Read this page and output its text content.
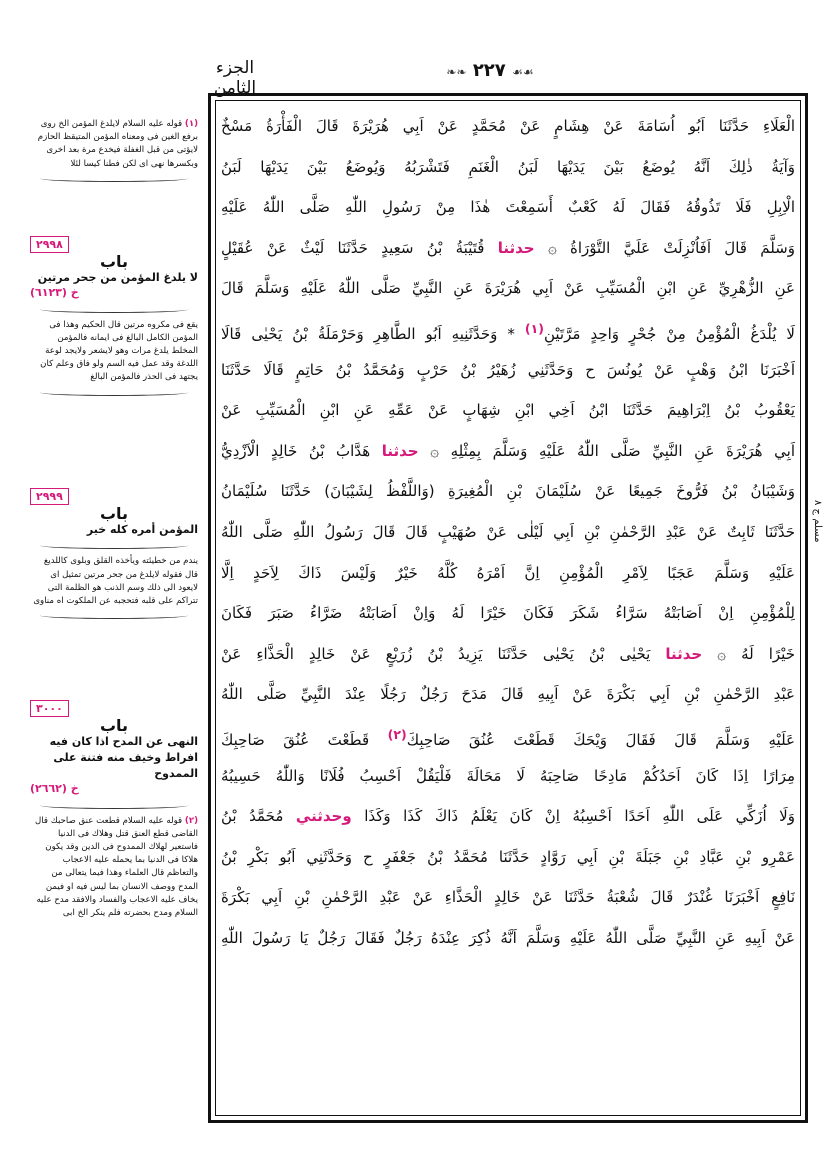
الجزء الثامن
❧❧ ٢٢٧ ☙☙

(١) قوله عليه السلام لايلدغ المؤمن الخ روى برفع الغين فى ومعناه المؤمن المتيقظ الحازم لايؤتى من قبل الغفلة فيخدع مرة بعد اخرى وبكسرها نهى اى لكن فطنا كيسا لئلا

٢٩٩٨
باب
لا يلدغ المؤمن من جحر مرتين
خ (٦١٢٣)

يقع فى مكروه مرتين قال الحكيم وهذا فى المؤمن الكامل البالغ فى ايمانه فالمؤمن المخلط يلدغ مرات وهو لايشعر ولايجد لوعة اللدغة وقد عمل فيه السم ولو فاق وعلم كان يجتهد فى الحذر فالمؤمن البالغ

٢٩٩٩
باب
المؤمن أمره كله خير

يندم من خطيئته ويأخذه القلق وبلوى كاللديغ قال فقوله لايلدغ من جحر مرتين تمثيل اى لايعود الى ذلك وسم الذنب هو الظلمة التى تتراكم على قلبه فتحجبه عن الملكوت اه مناوى

٣٠٠٠
باب
النهى عن المدح اذا كان فيه افراط وخيف منه فتنة على الممدوح
خ (٢٦٦٢)

(٢) قوله عليه السلام قطعت عنق صاحبك قال القاضى قطع العنق قتل وهلاك فى الدنيا فاستعير لهلاك الممدوح فى الدين وقد يكون هلاكا فى الدنيا بما يحمله عليه الاعجاب والتعاظم قال العلماء وهذا فيما يتعالى من المدح ووصف الانسان بما ليس فيه او فيمن يخاف عليه الاعجاب والفساد والافقد مدح عليه السلام ومدح بحضرته فلم ينكر الخ ابى

الْعَلَاءِ حَدَّثَنَا اَبُو اُسَامَةَ عَنْ هِشَامٍ عَنْ مُحَمَّدٍ عَنْ اَبِي هُرَيْرَةَ قَالَ الْفَأْرَةُ مَسْخٌ
وَآيَةُ ذٰلِكَ اَنَّهُ يُوضَعُ بَيْنَ يَدَيْهَا لَبَنُ الْغَنَمِ فَتَشْرَبُهُ وَيُوضَعُ بَيْنَ يَدَيْهَا لَبَنُ
الْاِبِلِ فَلَا تَذُوقُهُ فَقَالَ لَهُ كَعْبٌ أَسَمِعْتَ هٰذَا مِنْ رَسُولِ اللّٰهِ صَلَّى اللّٰهُ عَلَيْهِ
وَسَلَّمَ قَالَ اَفَاُنْزِلَتْ عَلَيَّ التَّوْرَاةُ ۞ حدثنا قُتَيْبَةُ بْنُ سَعِيدٍ حَدَّثَنَا لَيْثٌ عَنْ عُقَيْلٍ
عَنِ الزُّهْرِيِّ عَنِ ابْنِ الْمُسَيِّبِ عَنْ اَبِي هُرَيْرَةَ عَنِ النَّبِيِّ صَلَّى اللّٰهُ عَلَيْهِ وَسَلَّمَ قَالَ
لَا يُلْدَغُ الْمُؤْمِنُ مِنْ جُحْرٍ وَاحِدٍ مَرَّتَيْنِ$^{(١)}$ * وَحَدَّثَنِيهِ اَبُو الطَّاهِرِ وَحَرْمَلَةُ بْنُ يَحْيٰى قَالَا
اَخْبَرَنَا ابْنُ وَهْبٍ عَنْ يُونُسَ ح وَحَدَّثَنِي زُهَيْرُ بْنُ حَرْبٍ وَمُحَمَّدُ بْنُ حَاتِمٍ قَالَا حَدَّثَنَا
يَعْقُوبُ بْنُ اِبْرَاهِيمَ حَدَّثَنَا ابْنُ اَخِي ابْنِ شِهَابٍ عَنْ عَمِّهِ عَنِ ابْنِ الْمُسَيِّبِ عَنْ
اَبِي هُرَيْرَةَ عَنِ النَّبِيِّ صَلَّى اللّٰهُ عَلَيْهِ وَسَلَّمَ بِمِثْلِهِ ۞ حدثنا هَدَّابُ بْنُ خَالِدٍ الْاَزْدِيُّ
وَشَيْبَانُ بْنُ فَرُّوخَ جَمِيعًا عَنْ سُلَيْمَانَ بْنِ الْمُغِيرَةِ (وَاللَّفْظُ لِشَيْبَانَ) حَدَّثَنَا سُلَيْمَانُ
حَدَّثَنَا ثَابِتٌ عَنْ عَبْدِ الرَّحْمٰنِ بْنِ اَبِي لَيْلٰى عَنْ صُهَيْبٍ قَالَ قَالَ رَسُولُ اللّٰهِ صَلَّى اللّٰهُ
عَلَيْهِ وَسَلَّمَ عَجَبًا لِاَمْرِ الْمُؤْمِنِ اِنَّ اَمْرَهُ كُلَّهُ خَيْرٌ وَلَيْسَ ذَاكَ لِاَحَدٍ اِلَّا
لِلْمُؤْمِنِ اِنْ اَصَابَتْهُ سَرَّاءُ شَكَرَ فَكَانَ خَيْرًا لَهُ وَاِنْ اَصَابَتْهُ ضَرَّاءُ صَبَرَ فَكَانَ
خَيْرًا لَهُ ۞ حدثنا يَحْيٰى بْنُ يَحْيٰى حَدَّثَنَا يَزِيدُ بْنُ زُرَيْعٍ عَنْ خَالِدٍ الْحَذَّاءِ عَنْ
عَبْدِ الرَّحْمٰنِ بْنِ اَبِي بَكْرَةَ عَنْ اَبِيهِ قَالَ مَدَحَ رَجُلٌ رَجُلًا عِنْدَ النَّبِيِّ صَلَّى اللّٰهُ
عَلَيْهِ وَسَلَّمَ قَالَ فَقَالَ وَيْحَكَ قَطَعْتَ عُنُقَ صَاحِبِكَ$^{(٢)}$ قَطَعْتَ عُنُقَ صَاحِبِكَ
مِرَارًا اِذَا كَانَ اَحَدُكُمْ مَادِحًا صَاحِبَهُ لَا مَحَالَةَ فَلْيَقُلْ اَحْسِبُ فُلَانًا وَاللّٰهُ حَسِيبُهُ
وَلَا اُزَكِّي عَلَى اللّٰهِ اَحَدًا اَحْسِبُهُ اِنْ كَانَ يَعْلَمُ ذَاكَ كَذَا وَكَذَا وحدثني مُحَمَّدُ بْنُ
عَمْرِو بْنِ عَبَّادِ بْنِ جَبَلَةَ بْنِ اَبِي رَوَّادٍ حَدَّثَنَا مُحَمَّدُ بْنُ جَعْفَرٍ ح وَحَدَّثَنِي اَبُو بَكْرِ بْنُ
نَافِعٍ اَخْبَرَنَا غُنْدَرٌ قَالَ شُعْبَةُ حَدَّثَنَا عَنْ خَالِدٍ الْحَذَّاءِ عَنْ عَبْدِ الرَّحْمٰنِ بْنِ اَبِي بَكْرَةَ
عَنْ اَبِيهِ عَنِ النَّبِيِّ صَلَّى اللّٰهُ عَلَيْهِ وَسَلَّمَ اَنَّهُ ذُكِرَ عِنْدَهُ رَجُلٌ فَقَالَ رَجُلٌ يَا رَسُولَ اللّٰهِ
مسلم ج ٨
